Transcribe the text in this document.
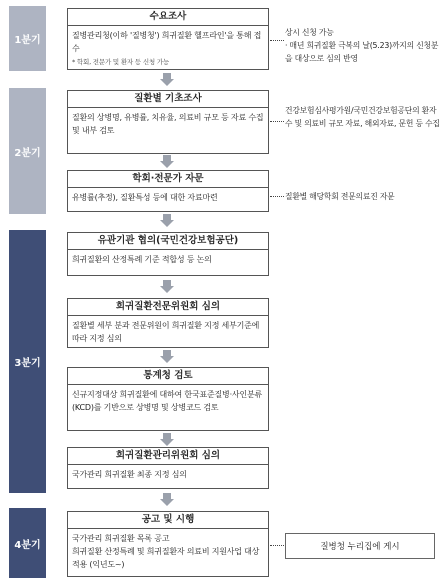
1분기
2분기
3분기
4분기
수요조사
질병관리청(이하 '질병청') 희귀질환 헬프라인'을 통해 접수
* 학회, 전문가 및 환자 등 신청 가능
질환별 기초조사
질환의 상병명, 유병률, 치유율, 의료비 규모 등 자료 수집 및 내부 검토
학회·전문가 자문
유병률(추정), 질환특성 등에 대한 자료마련
유관기관 협의(국민건강보험공단)
희귀질환의 산정특례 기준 적합성 등 논의
희귀질환전문위원회 심의
질환별 세부 분과 전문위원이 희귀질환 지정 세부기준에 따라 지정 심의
통계청 검토
신규지정대상 희귀질환에 대하여 한국표준질병·사인분류(KCD)를 기반으로 상병명 및 상병코드 검토
희귀질환관리위원회 심의
국가관리 희귀질환 최종 지정 심의
공고 및 시행
국가관리 희귀질환 목록 공고
희귀질환 산정특례 및 희귀질환자 의료비 지원사업 대상 적용 (익년도~)
상시 신청 가능
· 매년 희귀질환 극복의 날(5.23)까지의 신청분을 대상으로 심의 반영
건강보험심사평가원/국민건강보험공단의 환자수 및 의료비 규모 자료, 해외자료, 문헌 등 수집
질환별 해당학회 전문의료진 자문
질병청 누리집에 게시
